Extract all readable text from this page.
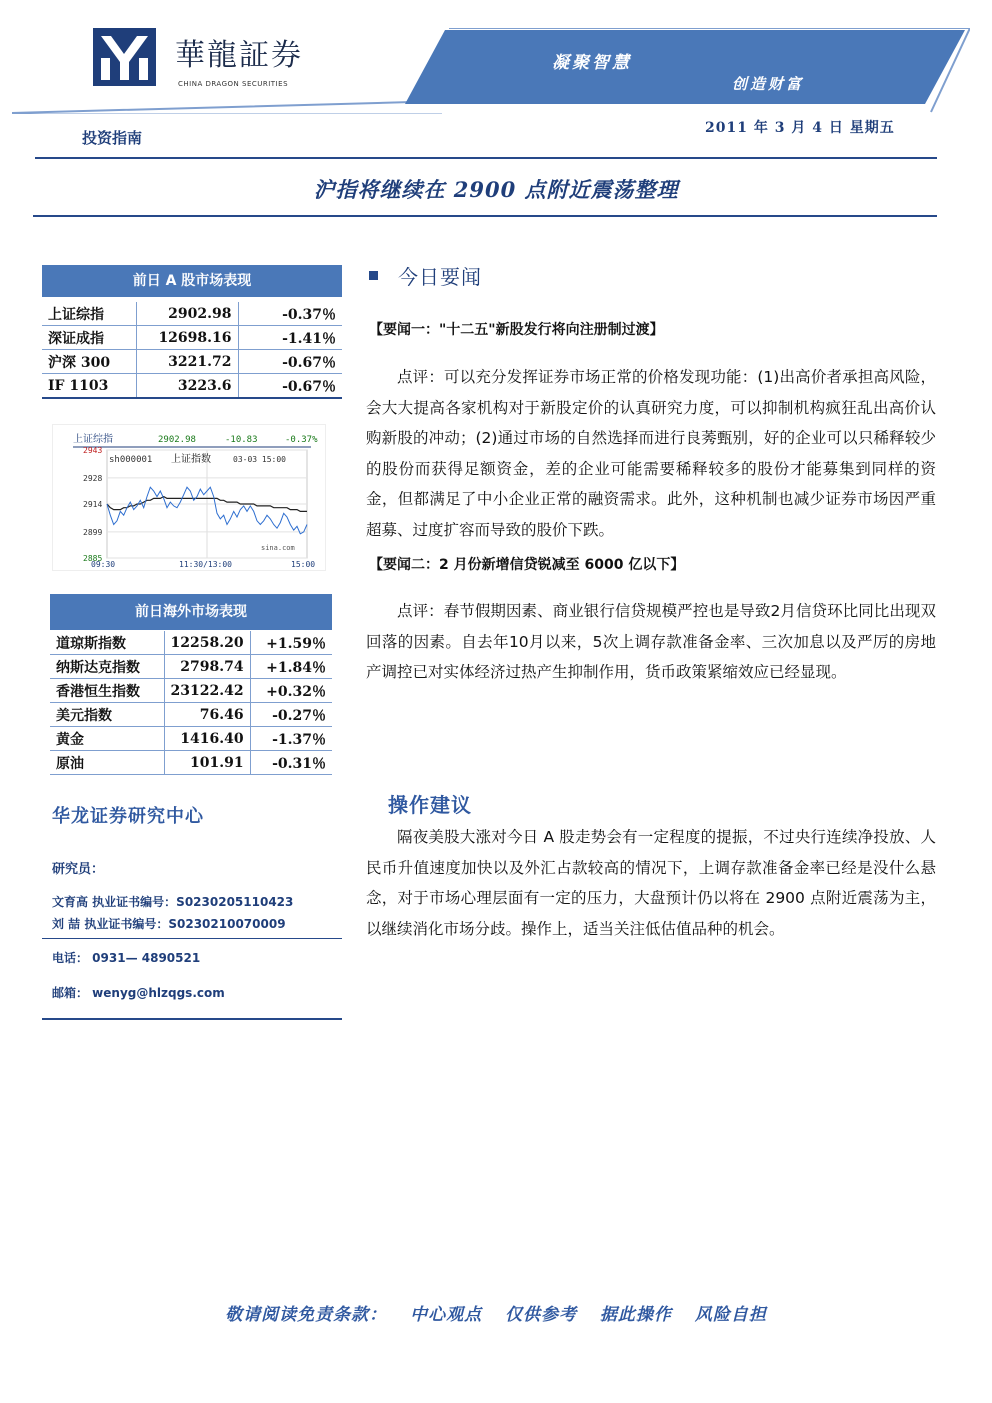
華龍証券
CHINA DRAGON SECURITIES
凝聚智慧
创造财富
投资指南
2011 年 3 月 4 日 星期五
沪指将继续在 2900 点附近震荡整理
前日 A 股市场表现
上证综指	2902.98	-0.37％
深证成指	12698.16	-1.41％
沪深 300	3221.72	-0.67％
IF 1103	3223.6	-0.67％
上证综指	2902.98	-10.83	-0.37%
sh000001 上证指数	03-03 15:00
sina.com
2943
2928
2914
2899
2885
09:30	11:30/13:00	15:00
前日海外市场表现
道琼斯指数	12258.20	+1.59％
纳斯达克指数	2798.74	+1.84％
香港恒生指数	23122.42	+0.32％
美元指数	76.46	-0.27％
黄金	1416.40	-1.37％
原油	101.91	-0.31％
华龙证券研究中心
研究员：
文育高 执业证书编号：S0230205110423
刘 喆 执业证书编号：S0230210070009
电话： 0931— 4890521
邮箱： wenyg@hlzqgs.com
今日要闻
【要闻一："十二五"新股发行将向注册制过渡】
点评：可以充分发挥证券市场正常的价格发现功能：(1)出高价者承担高风险，会大大提高各家机构对于新股定价的认真研究力度，可以抑制机构疯狂乱出高价认购新股的冲动；(2)通过市场的自然选择而进行良莠甄别，好的企业可以只稀释较少的股份而获得足额资金，差的企业可能需要稀释较多的股份才能募集到同样的资金，但都满足了中小企业正常的融资需求。此外，这种机制也减少证券市场因严重超募、过度扩容而导致的股价下跌。
【要闻二：2 月份新增信贷锐减至 6000 亿以下】
点评：春节假期因素、商业银行信贷规模严控也是导致2月信贷环比同比出现双回落的因素。自去年10月以来，5次上调存款准备金率、三次加息以及严厉的房地产调控已对实体经济过热产生抑制作用，货币政策紧缩效应已经显现。
操作建议
隔夜美股大涨对今日 A 股走势会有一定程度的提振，不过央行连续净投放、人民币升值速度加快以及外汇占款较高的情况下，上调存款准备金率已经是没什么悬念，对于市场心理层面有一定的压力，大盘预计仍以将在 2900 点附近震荡为主，以继续消化市场分歧。操作上，适当关注低估值品种的机会。
敬请阅读免责条款： 中心观点 仅供参考 据此操作 风险自担
